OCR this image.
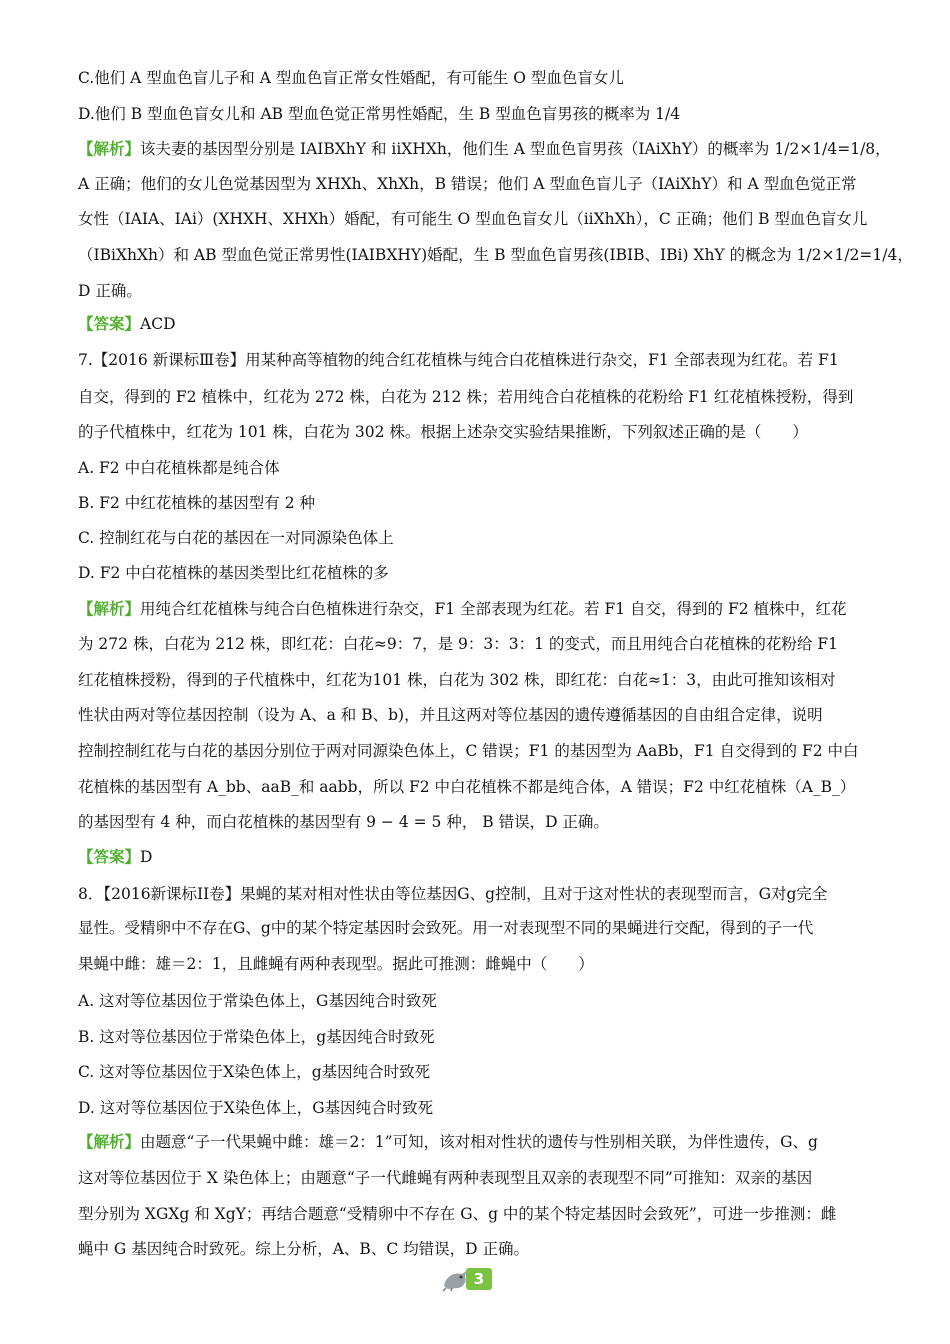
C.他们 A 型血色盲儿子和 A 型血色盲正常女性婚配，有可能生 O 型血色盲女儿

D.他们 B 型血色盲女儿和 AB 型血色觉正常男性婚配，生 B 型血色盲男孩的概率为 1/4

【解析】该夫妻的基因型分别是 IAIBXhY 和 iiXHXh，他们生 A 型血色盲男孩（IAiXhY）的概率为 1/2×1/4=1/8，

A 正确；他们的女儿色觉基因型为 XHXh、XhXh，B 错误；他们 A 型血色盲儿子（IAiXhY）和 A 型血色觉正常

女性（IAIA、IAi）(XHXH、XHXh）婚配，有可能生 O 型血色盲女儿（iiXhXh），C 正确；他们 B 型血色盲女儿

（IBiXhXh）和 AB 型血色觉正常男性(IAIBXHY)婚配，生 B 型血色盲男孩(IBIB、IBi) XhY 的概念为 1/2×1/2=1/4，

D 正确。

【答案】ACD

7.【2016 新课标Ⅲ卷】用某种高等植物的纯合红花植株与纯合白花植株进行杂交，F1 全部表现为红花。若 F1

自交，得到的 F2 植株中，红花为 272 株，白花为 212 株；若用纯合白花植株的花粉给 F1 红花植株授粉，得到

的子代植株中，红花为 101 株，白花为 302 株。根据上述杂交实验结果推断，下列叙述正确的是（　　）

A. F2 中白花植株都是纯合体

B. F2 中红花植株的基因型有 2 种

C. 控制红花与白花的基因在一对同源染色体上

D. F2 中白花植株的基因类型比红花植株的多

【解析】用纯合红花植株与纯合白色植株进行杂交，F1 全部表现为红花。若 F1 自交，得到的 F2 植株中，红花

为 272 株，白花为 212 株，即红花：白花≈9：7，是 9：3：3：1 的变式，而且用纯合白花植株的花粉给 F1

红花植株授粉，得到的子代植株中，红花为101 株，白花为 302 株，即红花：白花≈1：3，由此可推知该相对

性状由两对等位基因控制（设为 A、a 和 B、b)，并且这两对等位基因的遗传遵循基因的自由组合定律，说明

控制控制红花与白花的基因分别位于两对同源染色体上，C 错误；F1 的基因型为 AaBb，F1 自交得到的 F2 中白

花植株的基因型有 A_bb、aaB_和 aabb，所以 F2 中白花植株不都是纯合体，A 错误；F2 中红花植株（A_B_）

的基因型有 4 种，而白花植株的基因型有 9 − 4 = 5 种， B 错误，D 正确。

【答案】D

8．【2016新课标II卷】果蝇的某对相对性状由等位基因G、g控制，且对于这对性状的表现型而言，G对g完全

显性。受精卵中不存在G、g中的某个特定基因时会致死。用一对表现型不同的果蝇进行交配，得到的子一代

果蝇中雌：雄＝2：1，且雌蝇有两种表现型。据此可推测：雌蝇中（　　）

A. 这对等位基因位于常染色体上，G基因纯合时致死

B. 这对等位基因位于常染色体上，g基因纯合时致死

C. 这对等位基因位于X染色体上，g基因纯合时致死

D. 这对等位基因位于X染色体上，G基因纯合时致死

【解析】由题意“子一代果蝇中雌：雄＝2：1”可知，该对相对性状的遗传与性别相关联，为伴性遗传，G、g

这对等位基因位于 X 染色体上；由题意“子一代雌蝇有两种表现型且双亲的表现型不同”可推知：双亲的基因

型分别为 XGXg 和 XgY；再结合题意“受精卵中不存在 G、g 中的某个特定基因时会致死”，可进一步推测：雌

蝇中 G 基因纯合时致死。综上分析，A、B、C 均错误，D 正确。

3
